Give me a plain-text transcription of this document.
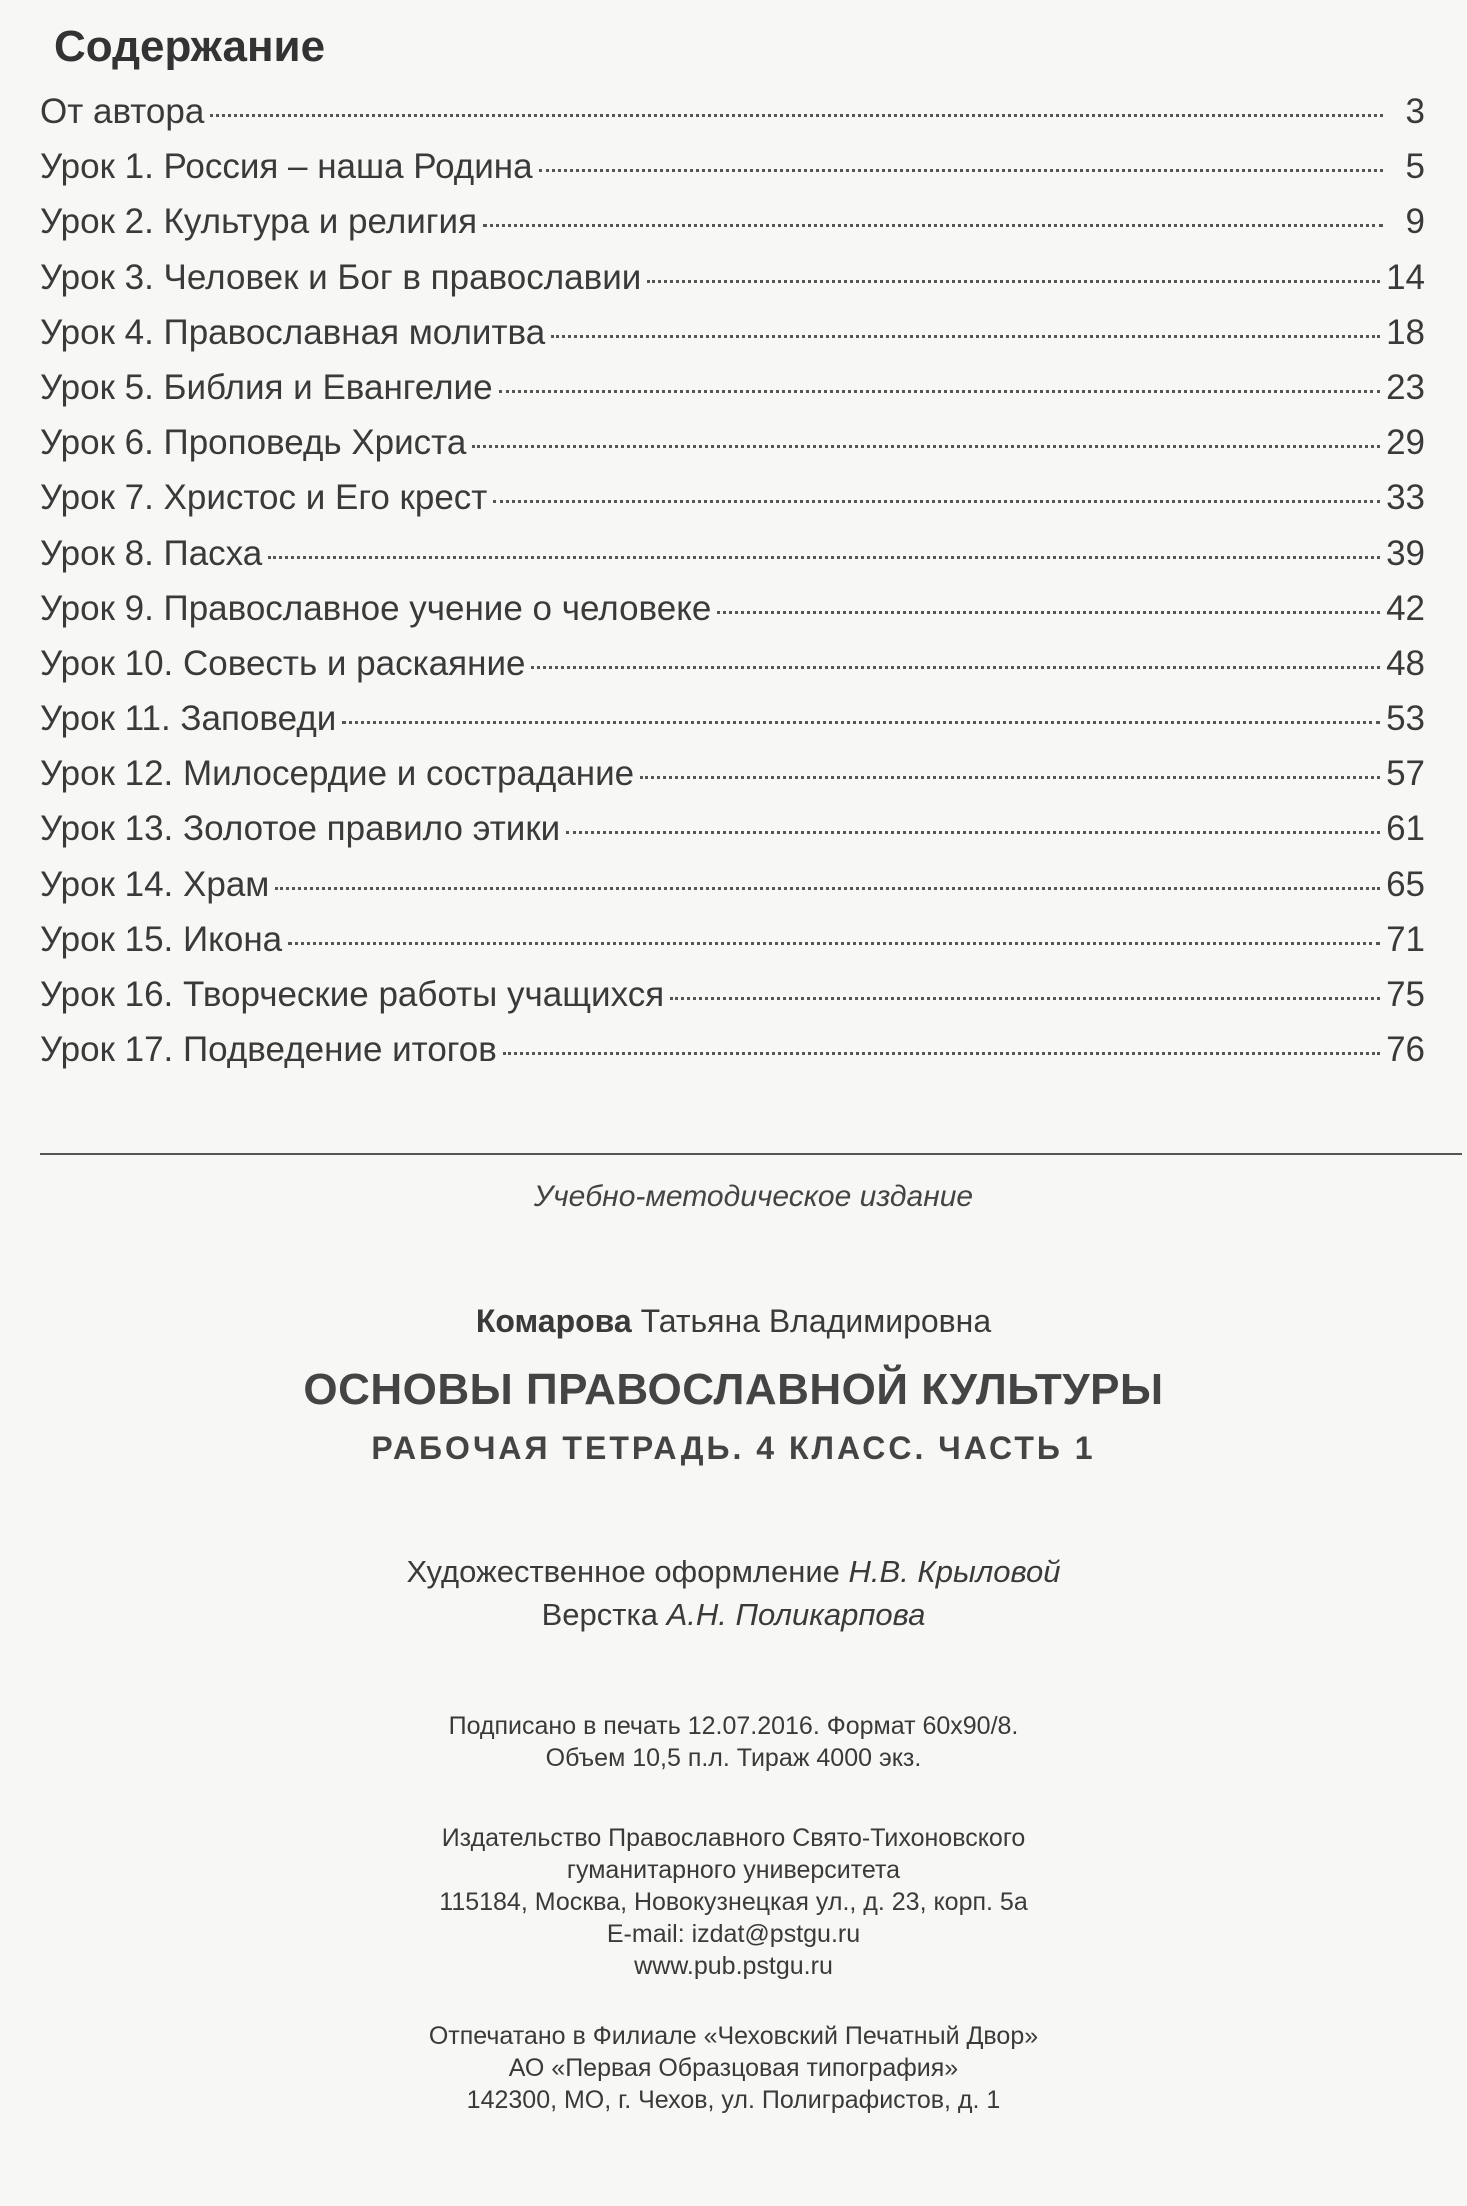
Содержание
От автора	3
Урок 1. Россия – наша Родина	5
Урок 2. Культура и религия	9
Урок 3. Человек и Бог в православии	14
Урок 4. Православная молитва	18
Урок 5. Библия и Евангелие	23
Урок 6. Проповедь Христа	29
Урок 7. Христос и Его крест	33
Урок 8. Пасха	39
Урок 9. Православное учение о человеке	42
Урок 10. Совесть и раскаяние	48
Урок 11. Заповеди	53
Урок 12. Милосердие и сострадание	57
Урок 13. Золотое правило этики	61
Урок 14. Храм	65
Урок 15. Икона	71
Урок 16. Творческие работы учащихся	75
Урок 17. Подведение итогов	76
Учебно-методическое издание
Комарова Татьяна Владимировна
ОСНОВЫ ПРАВОСЛАВНОЙ КУЛЬТУРЫ
РАБОЧАЯ ТЕТРАДЬ. 4 КЛАСС. ЧАСТЬ 1
Художественное оформление Н.В. Крыловой
Верстка А.Н. Поликарпова
Подписано в печать 12.07.2016. Формат 60х90/8.
Объем 10,5 п.л. Тираж 4000 экз.
Издательство Православного Свято-Тихоновского
гуманитарного университета
115184, Москва, Новокузнецкая ул., д. 23, корп. 5а
E-mail: izdat@pstgu.ru
www.pub.pstgu.ru
Отпечатано в Филиале «Чеховский Печатный Двор»
АО «Первая Образцовая типография»
142300, МО, г. Чехов, ул. Полиграфистов, д. 1
